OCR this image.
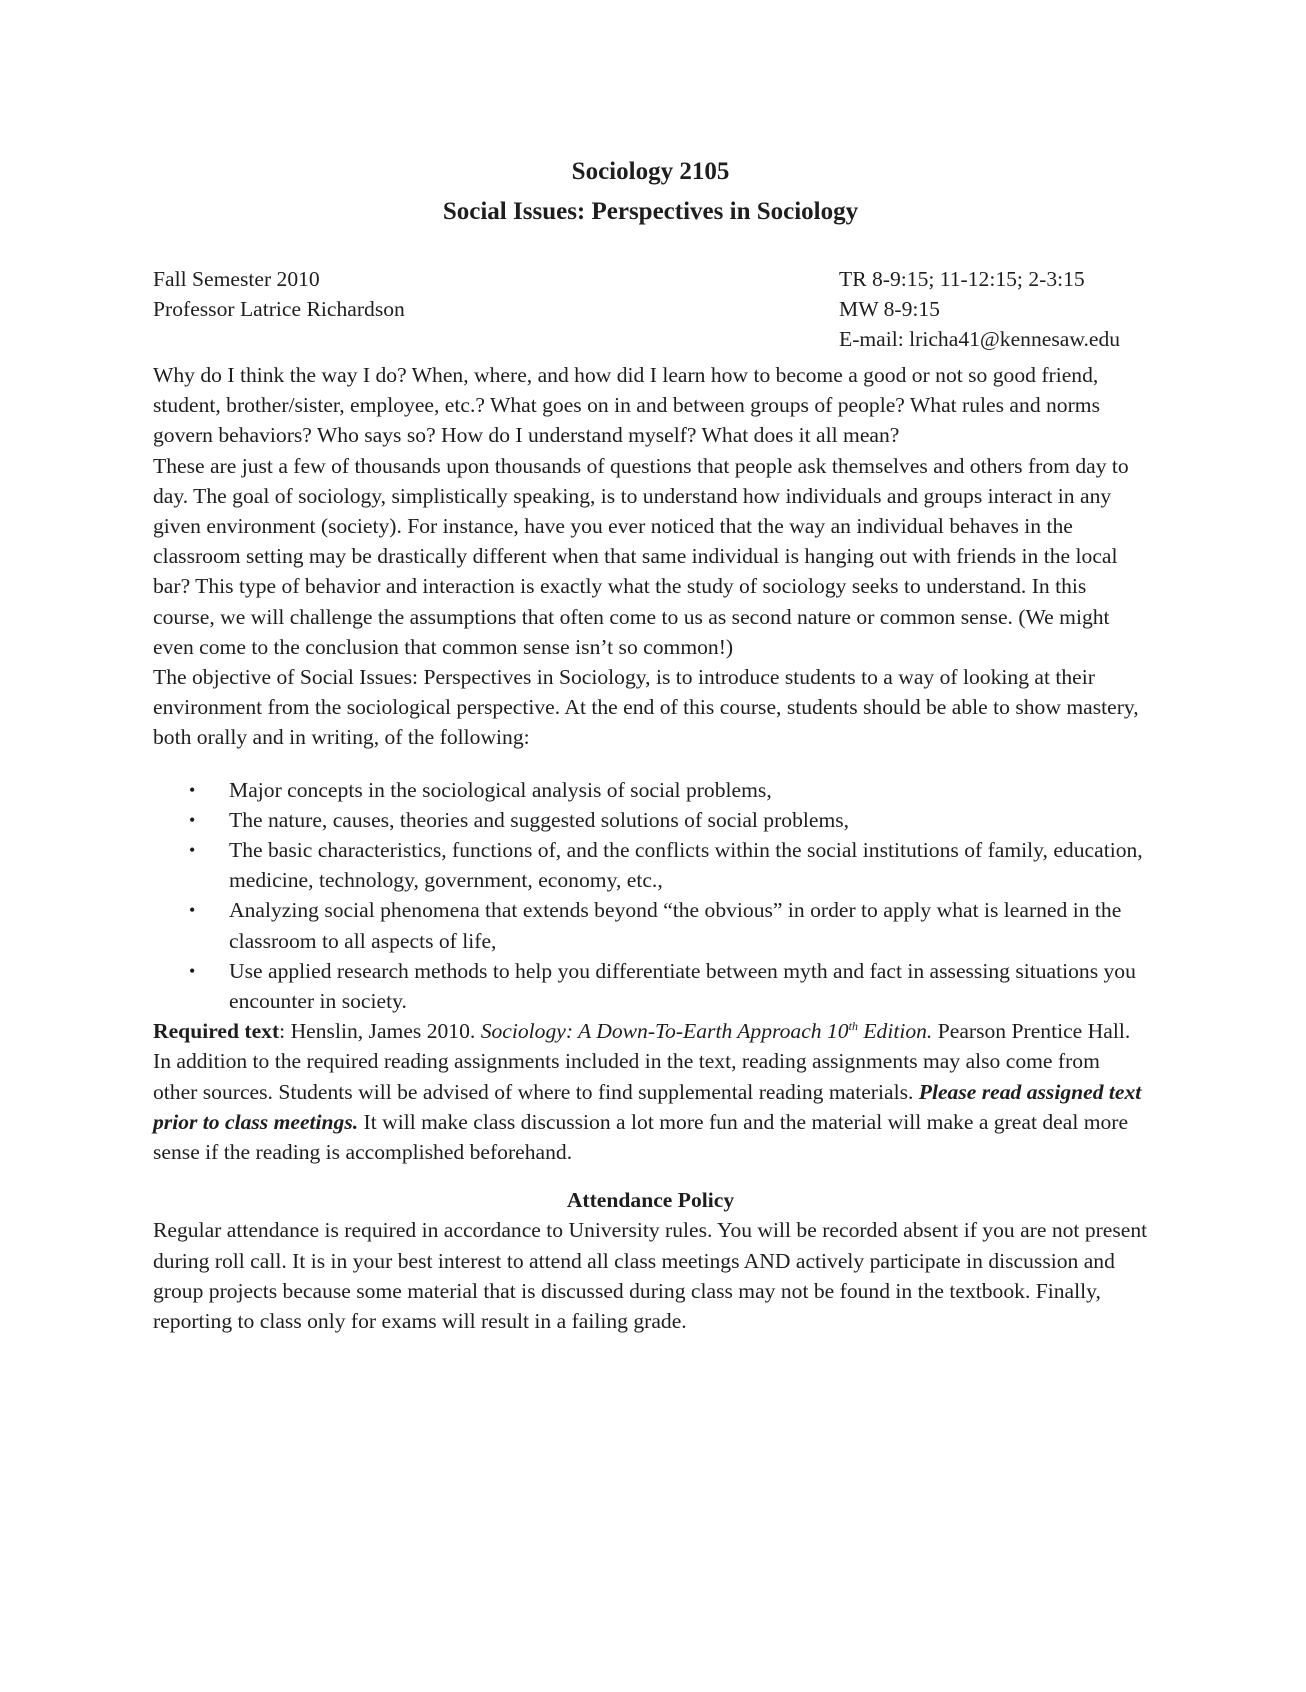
Sociology 2105
Social Issues: Perspectives in Sociology
Fall Semester 2010
Professor Latrice Richardson
TR 8-9:15; 11-12:15; 2-3:15
MW 8-9:15
E-mail: lricha41@kennesaw.edu

Why do I think the way I do? When, where, and how did I learn how to become a good or not so good friend, student, brother/sister, employee, etc.? What goes on in and between groups of people? What rules and norms govern behaviors? Who says so? How do I understand myself? What does it all mean?

These are just a few of thousands upon thousands of questions that people ask themselves and others from day to day. The goal of sociology, simplistically speaking, is to understand how individuals and groups interact in any given environment (society). For instance, have you ever noticed that the way an individual behaves in the classroom setting may be drastically different when that same individual is hanging out with friends in the local bar? This type of behavior and interaction is exactly what the study of sociology seeks to understand. In this course, we will challenge the assumptions that often come to us as second nature or common sense. (We might even come to the conclusion that common sense isn’t so common!)

The objective of Social Issues: Perspectives in Sociology, is to introduce students to a way of looking at their environment from the sociological perspective. At the end of this course, students should be able to show mastery, both orally and in writing, of the following:

• Major concepts in the sociological analysis of social problems,
• The nature, causes, theories and suggested solutions of social problems,
• The basic characteristics, functions of, and the conflicts within the social institutions of family, education, medicine, technology, government, economy, etc.,
• Analyzing social phenomena that extends beyond “the obvious” in order to apply what is learned in the classroom to all aspects of life,
• Use applied research methods to help you differentiate between myth and fact in assessing situations you encounter in society.

Required text: Henslin, James 2010. Sociology: A Down-To-Earth Approach 10th Edition. Pearson Prentice Hall. In addition to the required reading assignments included in the text, reading assignments may also come from other sources. Students will be advised of where to find supplemental reading materials. Please read assigned text prior to class meetings. It will make class discussion a lot more fun and the material will make a great deal more sense if the reading is accomplished beforehand.

Attendance Policy

Regular attendance is required in accordance to University rules. You will be recorded absent if you are not present during roll call. It is in your best interest to attend all class meetings AND actively participate in discussion and group projects because some material that is discussed during class may not be found in the textbook. Finally, reporting to class only for exams will result in a failing grade.
